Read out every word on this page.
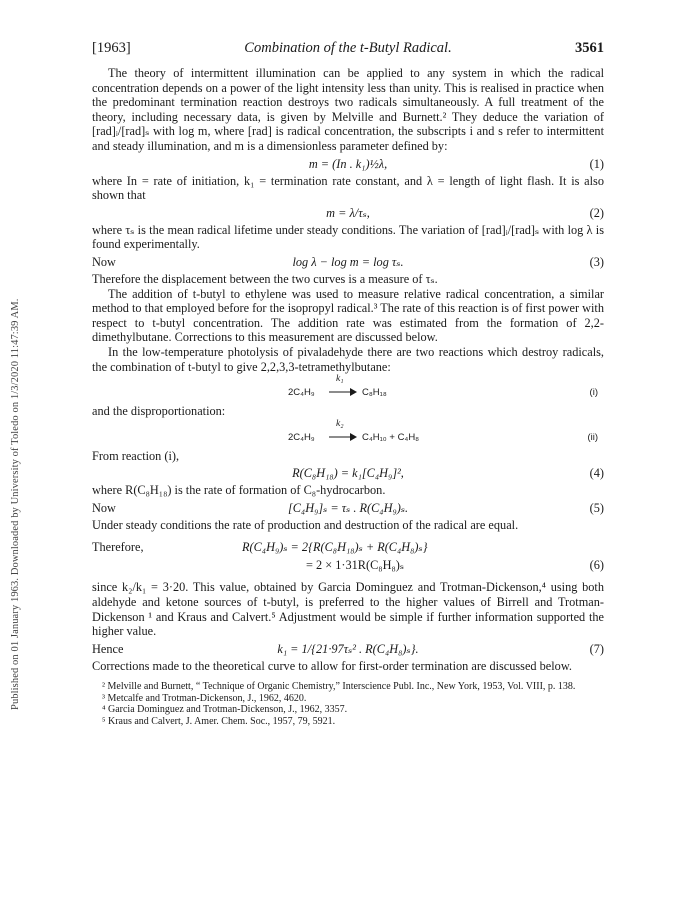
Published on 01 January 1963. Downloaded by University of Toledo on 1/3/2020 11:47:39 AM.
[1963]	Combination of the t-Butyl Radical.	3561

The theory of intermittent illumination can be applied to any system in which the radical concentration depends on a power of the light intensity less than unity. This is realised in practice when the predominant termination reaction destroys two radicals simultaneously. A full treatment of the theory, including necessary data, is given by Melville and Burnett.² They deduce the variation of [rad]ᵢ/[rad]ₛ with log m, where [rad] is radical concentration, the subscripts i and s refer to intermittent and steady illumination, and m is a dimensionless parameter defined by:

m = (In . k₁)½λ,	(1)

where In = rate of initiation, k₁ = termination rate constant, and λ = length of light flash. It is also shown that

m = λ/τₛ,	(2)

where τₛ is the mean radical lifetime under steady conditions. The variation of [rad]ᵢ/[rad]ₛ with log λ is found experimentally.

Now	log λ − log m = log τₛ.	(3)

Therefore the displacement between the two curves is a measure of τₛ.

The addition of t-butyl to ethylene was used to measure relative radical concentration, a similar method to that employed before for the isopropyl radical.³ The rate of this reaction is of first power with respect to t-butyl concentration. The addition rate was estimated from the formation of 2,2-dimethylbutane. Corrections to this measurement are discussed below.

In the low-temperature photolysis of pivaladehyde there are two reactions which destroy radicals, the combination of t-butyl to give 2,2,3,3-tetramethylbutane:

2C₄H₉
k₁
→ C₈H₁₈	(i)

and the disproportionation:

2C₄H₉
k₂
→ C₄H₁₀ + C₄H₈	(ii)

From reaction (i),

R(C₈H₁₈) = k₁[C₄H₉]²,	(4)

where R(C₈H₁₈) is the rate of formation of C₈-hydrocarbon.

Now	[C₄H₉]ₛ = τₛ . R(C₄H₉)ₛ.	(5)

Under steady conditions the rate of production and destruction of the radical are equal.

Therefore,	R(C₄H₉)ₛ = 2{R(C₈H₁₈)ₛ + R(C₄H₈)ₛ}
= 2 × 1·31R(C₈H₈)ₛ	(6)

since k₂/k₁ = 3·20. This value, obtained by Garcia Dominguez and Trotman-Dickenson,⁴ using both aldehyde and ketone sources of t-butyl, is preferred to the higher values of Birrell and Trotman-Dickenson ¹ and Kraus and Calvert.⁵ Adjustment would be simple if further information supported the higher value.

Hence	k₁ = 1/{21·97τₛ² . R(C₄H₈)ₛ}.	(7)

Corrections made to the theoretical curve to allow for first-order termination are discussed below.

² Melville and Burnett, “ Technique of Organic Chemistry,” Interscience Publ. Inc., New York, 1953, Vol. VIII, p. 138.

³ Metcalfe and Trotman-Dickenson, J., 1962, 4620.

⁴ Garcia Dominguez and Trotman-Dickenson, J., 1962, 3357.

⁵ Kraus and Calvert, J. Amer. Chem. Soc., 1957, 79, 5921.
